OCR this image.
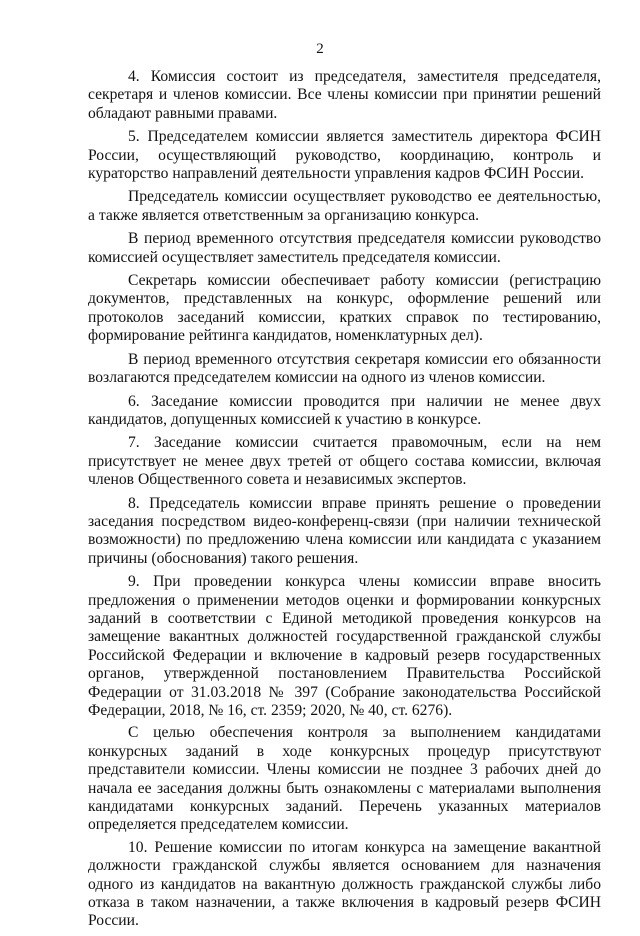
2

4. Комиссия состоит из председателя, заместителя председателя, секретаря и членов комиссии. Все члены комиссии при принятии решений обладают равными правами.

5. Председателем комиссии является заместитель директора ФСИН России, осуществляющий руководство, координацию, контроль и кураторство направлений деятельности управления кадров ФСИН России.

Председатель комиссии осуществляет руководство ее деятельностью, а также является ответственным за организацию конкурса.

В период временного отсутствия председателя комиссии руководство комиссией осуществляет заместитель председателя комиссии.

Секретарь комиссии обеспечивает работу комиссии (регистрацию документов, представленных на конкурс, оформление решений или протоколов заседаний комиссии, кратких справок по тестированию, формирование рейтинга кандидатов, номенклатурных дел).

В период временного отсутствия секретаря комиссии его обязанности возлагаются председателем комиссии на одного из членов комиссии.

6. Заседание комиссии проводится при наличии не менее двух кандидатов, допущенных комиссией к участию в конкурсе.

7. Заседание комиссии считается правомочным, если на нем присутствует не менее двух третей от общего состава комиссии, включая членов Общественного совета и независимых экспертов.

8. Председатель комиссии вправе принять решение о проведении заседания посредством видео-конференц-связи (при наличии технической возможности) по предложению члена комиссии или кандидата с указанием причины (обоснования) такого решения.

9. При проведении конкурса члены комиссии вправе вносить предложения о применении методов оценки и формировании конкурсных заданий в соответствии с Единой методикой проведения конкурсов на замещение вакантных должностей государственной гражданской службы Российской Федерации и включение в кадровый резерв государственных органов, утвержденной постановлением Правительства Российской Федерации от 31.03.2018 № 397 (Собрание законодательства Российской Федерации, 2018, № 16, ст. 2359; 2020, № 40, ст. 6276).

С целью обеспечения контроля за выполнением кандидатами конкурсных заданий в ходе конкурсных процедур присутствуют представители комиссии. Члены комиссии не позднее 3 рабочих дней до начала ее заседания должны быть ознакомлены с материалами выполнения кандидатами конкурсных заданий. Перечень указанных материалов определяется председателем комиссии.

10. Решение комиссии по итогам конкурса на замещение вакантной должности гражданской службы является основанием для назначения одного из кандидатов на вакантную должность гражданской службы либо отказа в таком назначении, а также включения в кадровый резерв ФСИН России.
